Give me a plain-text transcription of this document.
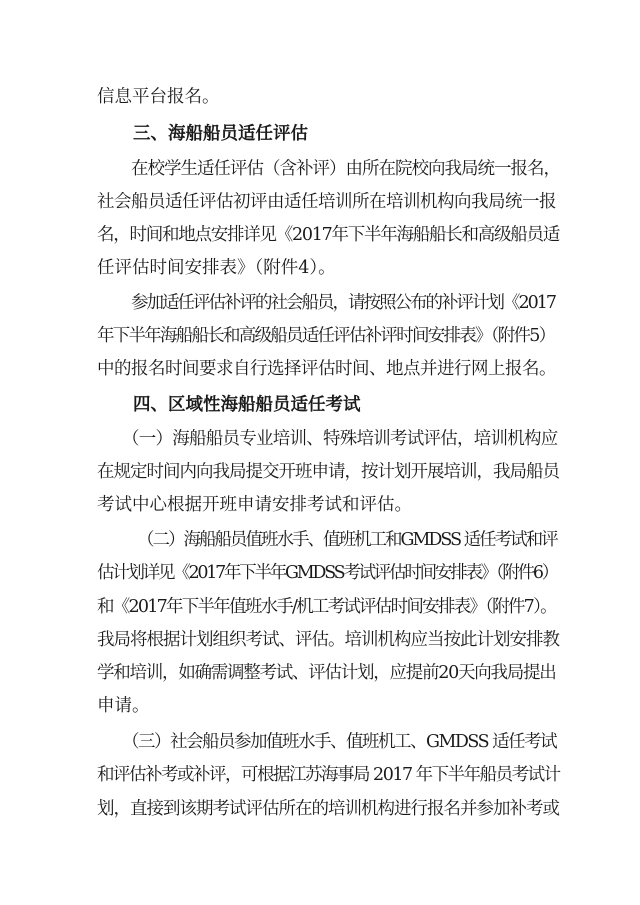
信息平台报名。
三、海船船员适任评估
在校学生适任评估（含补评）由所在院校向我局统一报名，
社会船员适任评估初评由适任培训所在培训机构向我局统一报
名，时间和地点安排详见《2017年下半年海船船长和高级船员适
任评估时间安排表》（附件4）。
参加适任评估补评的社会船员，请按照公布的补评计划《2017
年下半年海船船长和高级船员适任评估补评时间安排表》（附件5）
中的报名时间要求自行选择评估时间、地点并进行网上报名。
四、区域性海船船员适任考试
（一）海船船员专业培训、特殊培训考试评估，培训机构应
在规定时间内向我局提交开班申请，按计划开展培训，我局船员
考试中心根据开班申请安排考试和评估。
（二）海船船员值班水手、值班机工和GMDSS 适任考试和评
估计划详见《2017年下半年GMDSS考试评估时间安排表》（附件6）
和《2017年下半年值班水手/机工考试评估时间安排表》（附件7）。
我局将根据计划组织考试、评估。培训机构应当按此计划安排教
学和培训，如确需调整考试、评估计划，应提前20天向我局提出
申请。
（三）社会船员参加值班水手、值班机工、GMDSS 适任考试
和评估补考或补评，可根据江苏海事局 2017 年下半年船员考试计
划，直接到该期考试评估所在的培训机构进行报名并参加补考或
